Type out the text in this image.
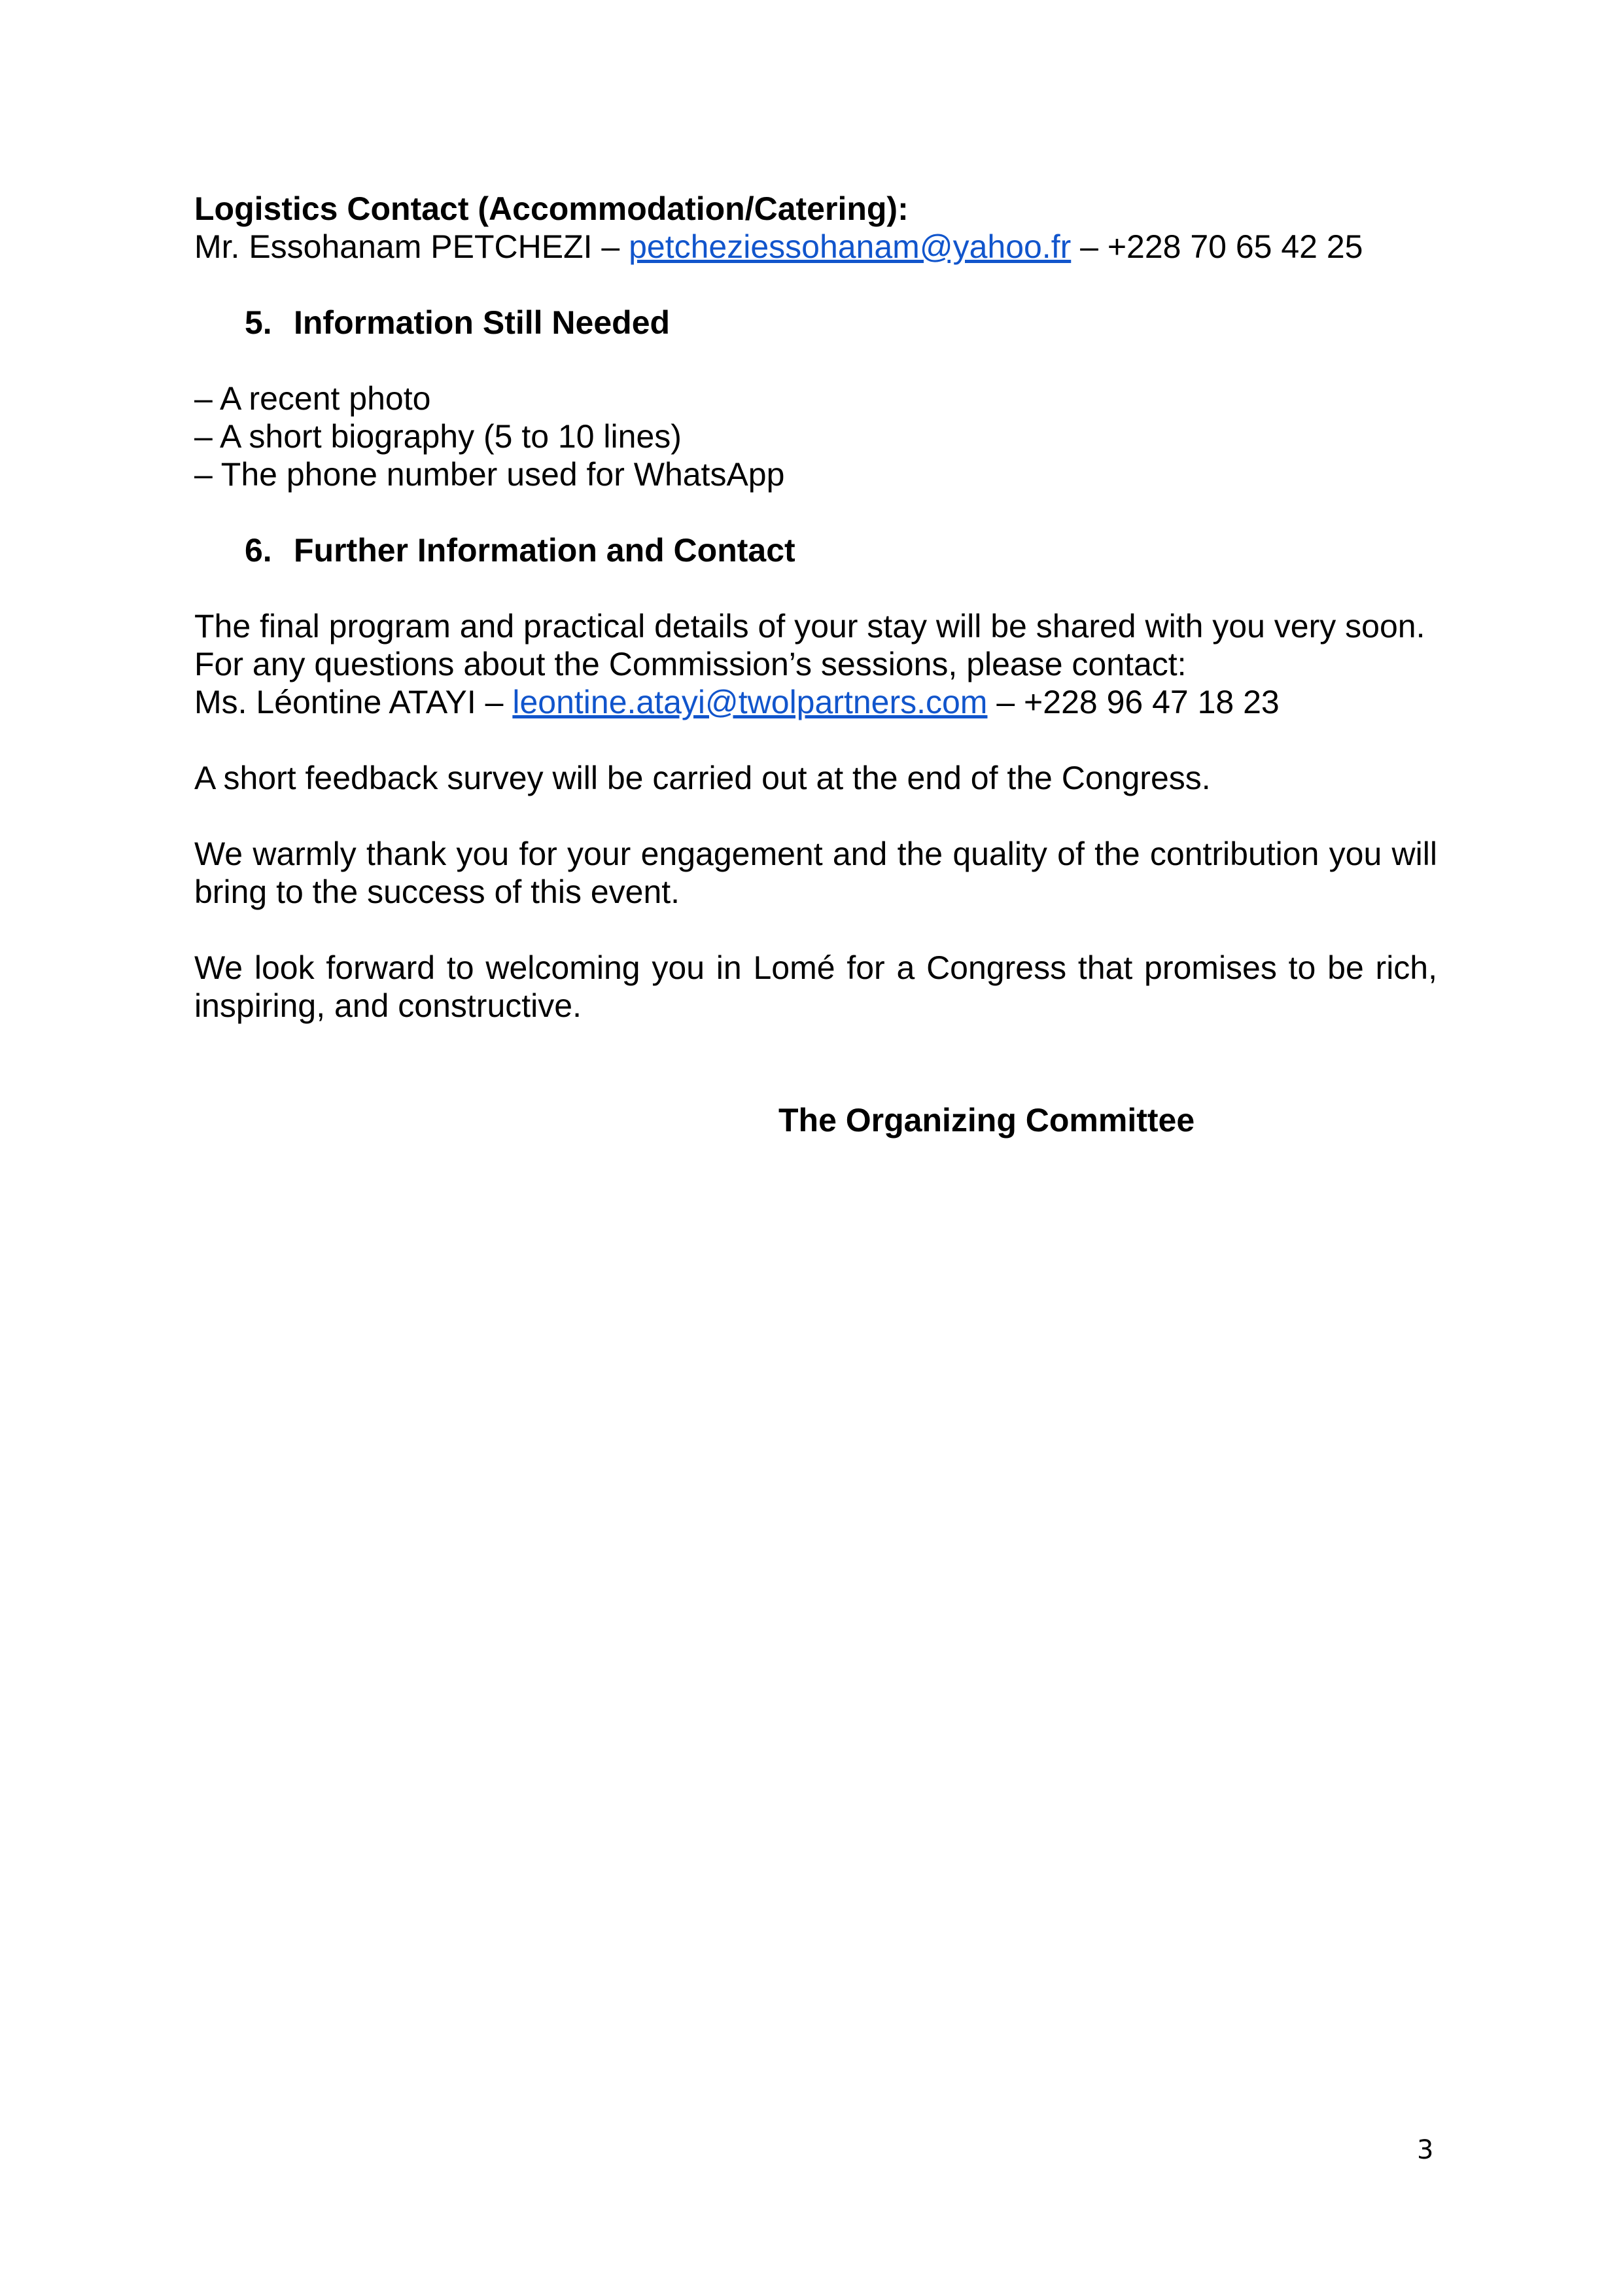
Logistics Contact (Accommodation/Catering):
Mr. Essohanam PETCHEZI – petcheziessohanam@yahoo.fr – +228 70 65 42 25
5. Information Still Needed
– A recent photo
– A short biography (5 to 10 lines)
– The phone number used for WhatsApp
6. Further Information and Contact
The final program and practical details of your stay will be shared with you very soon.
For any questions about the Commission’s sessions, please contact:
Ms. Léontine ATAYI – leontine.atayi@twolpartners.com – +228 96 47 18 23
A short feedback survey will be carried out at the end of the Congress.
We warmly thank you for your engagement and the quality of the contribution you will
bring to the success of this event.
We look forward to welcoming you in Lomé for a Congress that promises to be rich,
inspiring, and constructive.
The Organizing Committee
3
